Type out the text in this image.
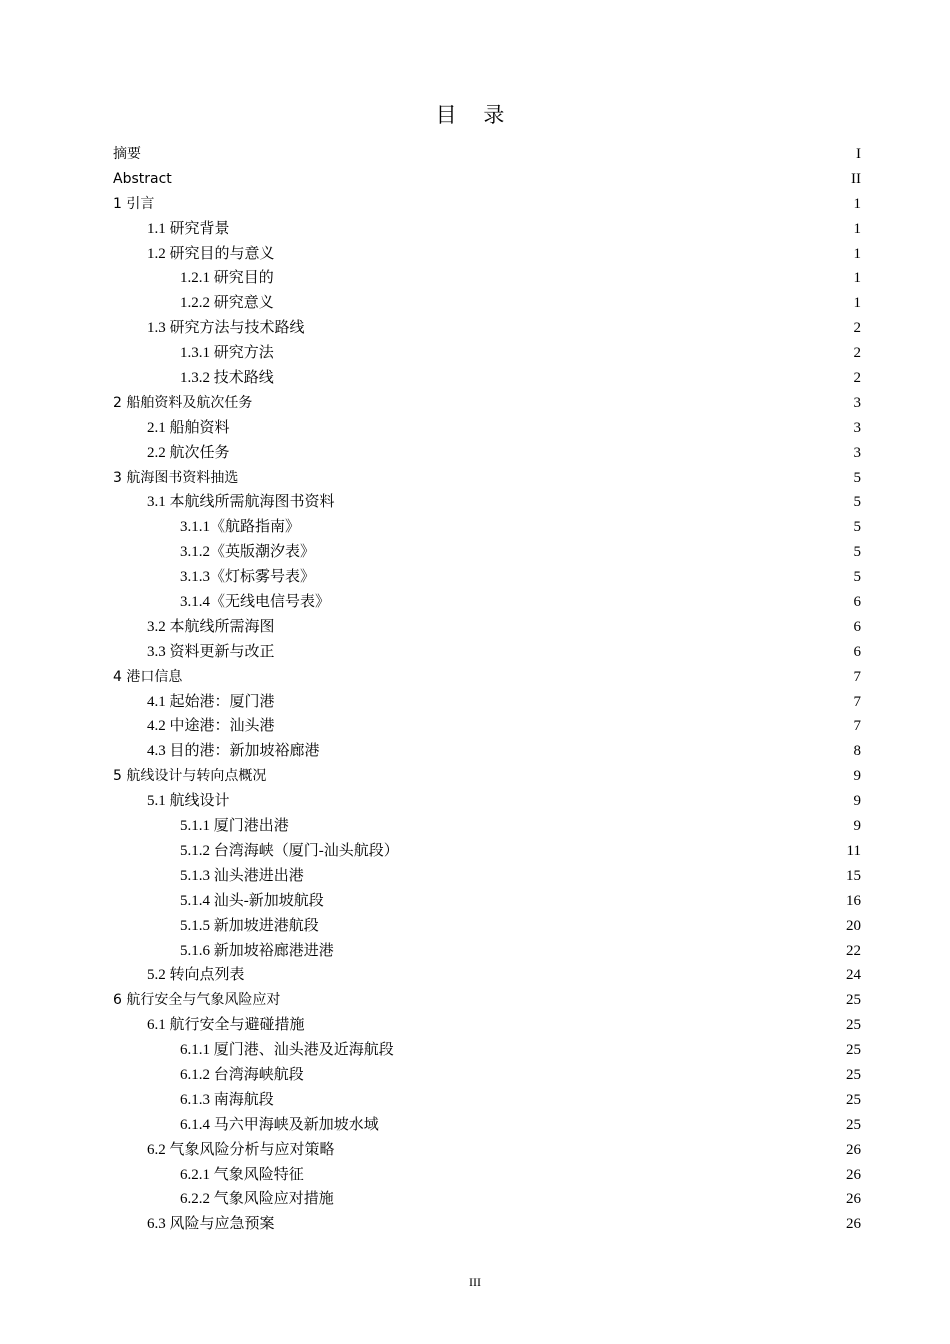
目 录
摘要	I
Abstract	II
1 引言	1
1.1 研究背景	1
1.2 研究目的与意义	1
1.2.1 研究目的	1
1.2.2 研究意义	1
1.3 研究方法与技术路线	2
1.3.1 研究方法	2
1.3.2 技术路线	2
2 船舶资料及航次任务	3
2.1 船舶资料	3
2.2 航次任务	3
3 航海图书资料抽选	5
3.1 本航线所需航海图书资料	5
3.1.1《航路指南》	5
3.1.2《英版潮汐表》	5
3.1.3《灯标雾号表》	5
3.1.4《无线电信号表》	6
3.2 本航线所需海图	6
3.3 资料更新与改正	6
4 港口信息	7
4.1 起始港：厦门港	7
4.2 中途港：汕头港	7
4.3 目的港：新加坡裕廊港	8
5 航线设计与转向点概况	9
5.1 航线设计	9
5.1.1 厦门港出港	9
5.1.2 台湾海峡（厦门-汕头航段）	11
5.1.3 汕头港进出港	15
5.1.4 汕头-新加坡航段	16
5.1.5 新加坡进港航段	20
5.1.6 新加坡裕廊港进港	22
5.2 转向点列表	24
6 航行安全与气象风险应对	25
6.1 航行安全与避碰措施	25
6.1.1 厦门港、汕头港及近海航段	25
6.1.2 台湾海峡航段	25
6.1.3 南海航段	25
6.1.4 马六甲海峡及新加坡水域	25
6.2 气象风险分析与应对策略	26
6.2.1 气象风险特征	26
6.2.2 气象风险应对措施	26
6.3 风险与应急预案	26
III
